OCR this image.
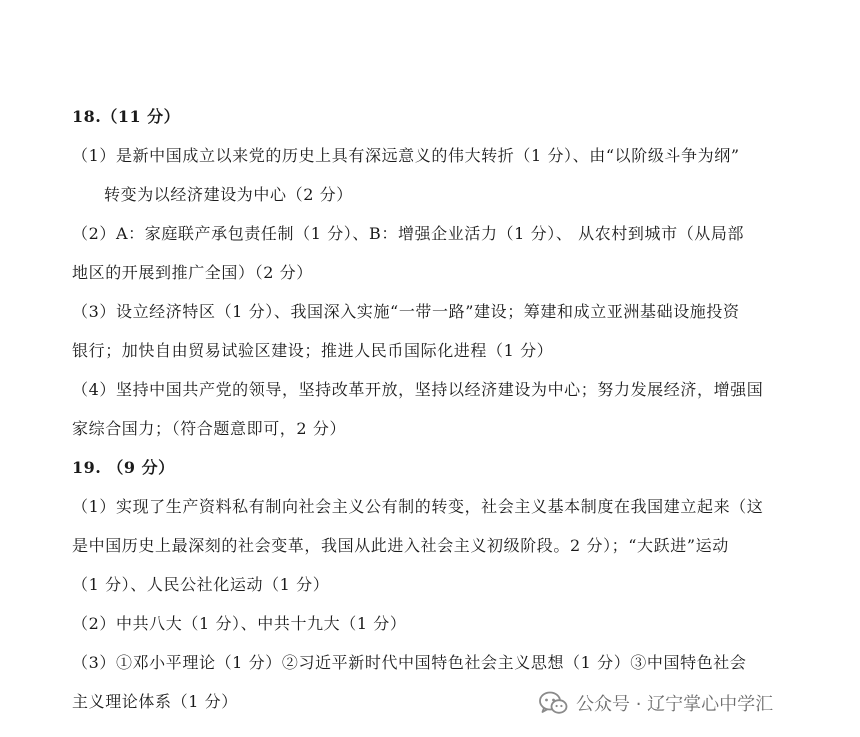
18.（11 分）
（1）是新中国成立以来党的历史上具有深远意义的伟大转折（1 分）、由“以阶级斗争为纲”
转变为以经济建设为中心（2 分）
（2）A：家庭联产承包责任制（1 分）、B：增强企业活力（1 分）、 从农村到城市（从局部
地区的开展到推广全国）（2 分）
（3）设立经济特区（1 分）、我国深入实施“一带一路”建设；筹建和成立亚洲基础设施投资
银行；加快自由贸易试验区建设；推进人民币国际化进程（1 分）
（4）坚持中国共产党的领导，坚持改革开放，坚持以经济建设为中心；努力发展经济，增强国
家综合国力；（符合题意即可，2 分）
19. （9 分）
（1）实现了生产资料私有制向社会主义公有制的转变，社会主义基本制度在我国建立起来（这
是中国历史上最深刻的社会变革，我国从此进入社会主义初级阶段。2 分）；“大跃进”运动
（1 分）、人民公社化运动（1 分）
（2）中共八大（1 分）、中共十九大（1 分）
（3）①邓小平理论（1 分）②习近平新时代中国特色社会主义思想（1 分）③中国特色社会
主义理论体系（1 分）	公众号 · 辽宁掌心中学汇
